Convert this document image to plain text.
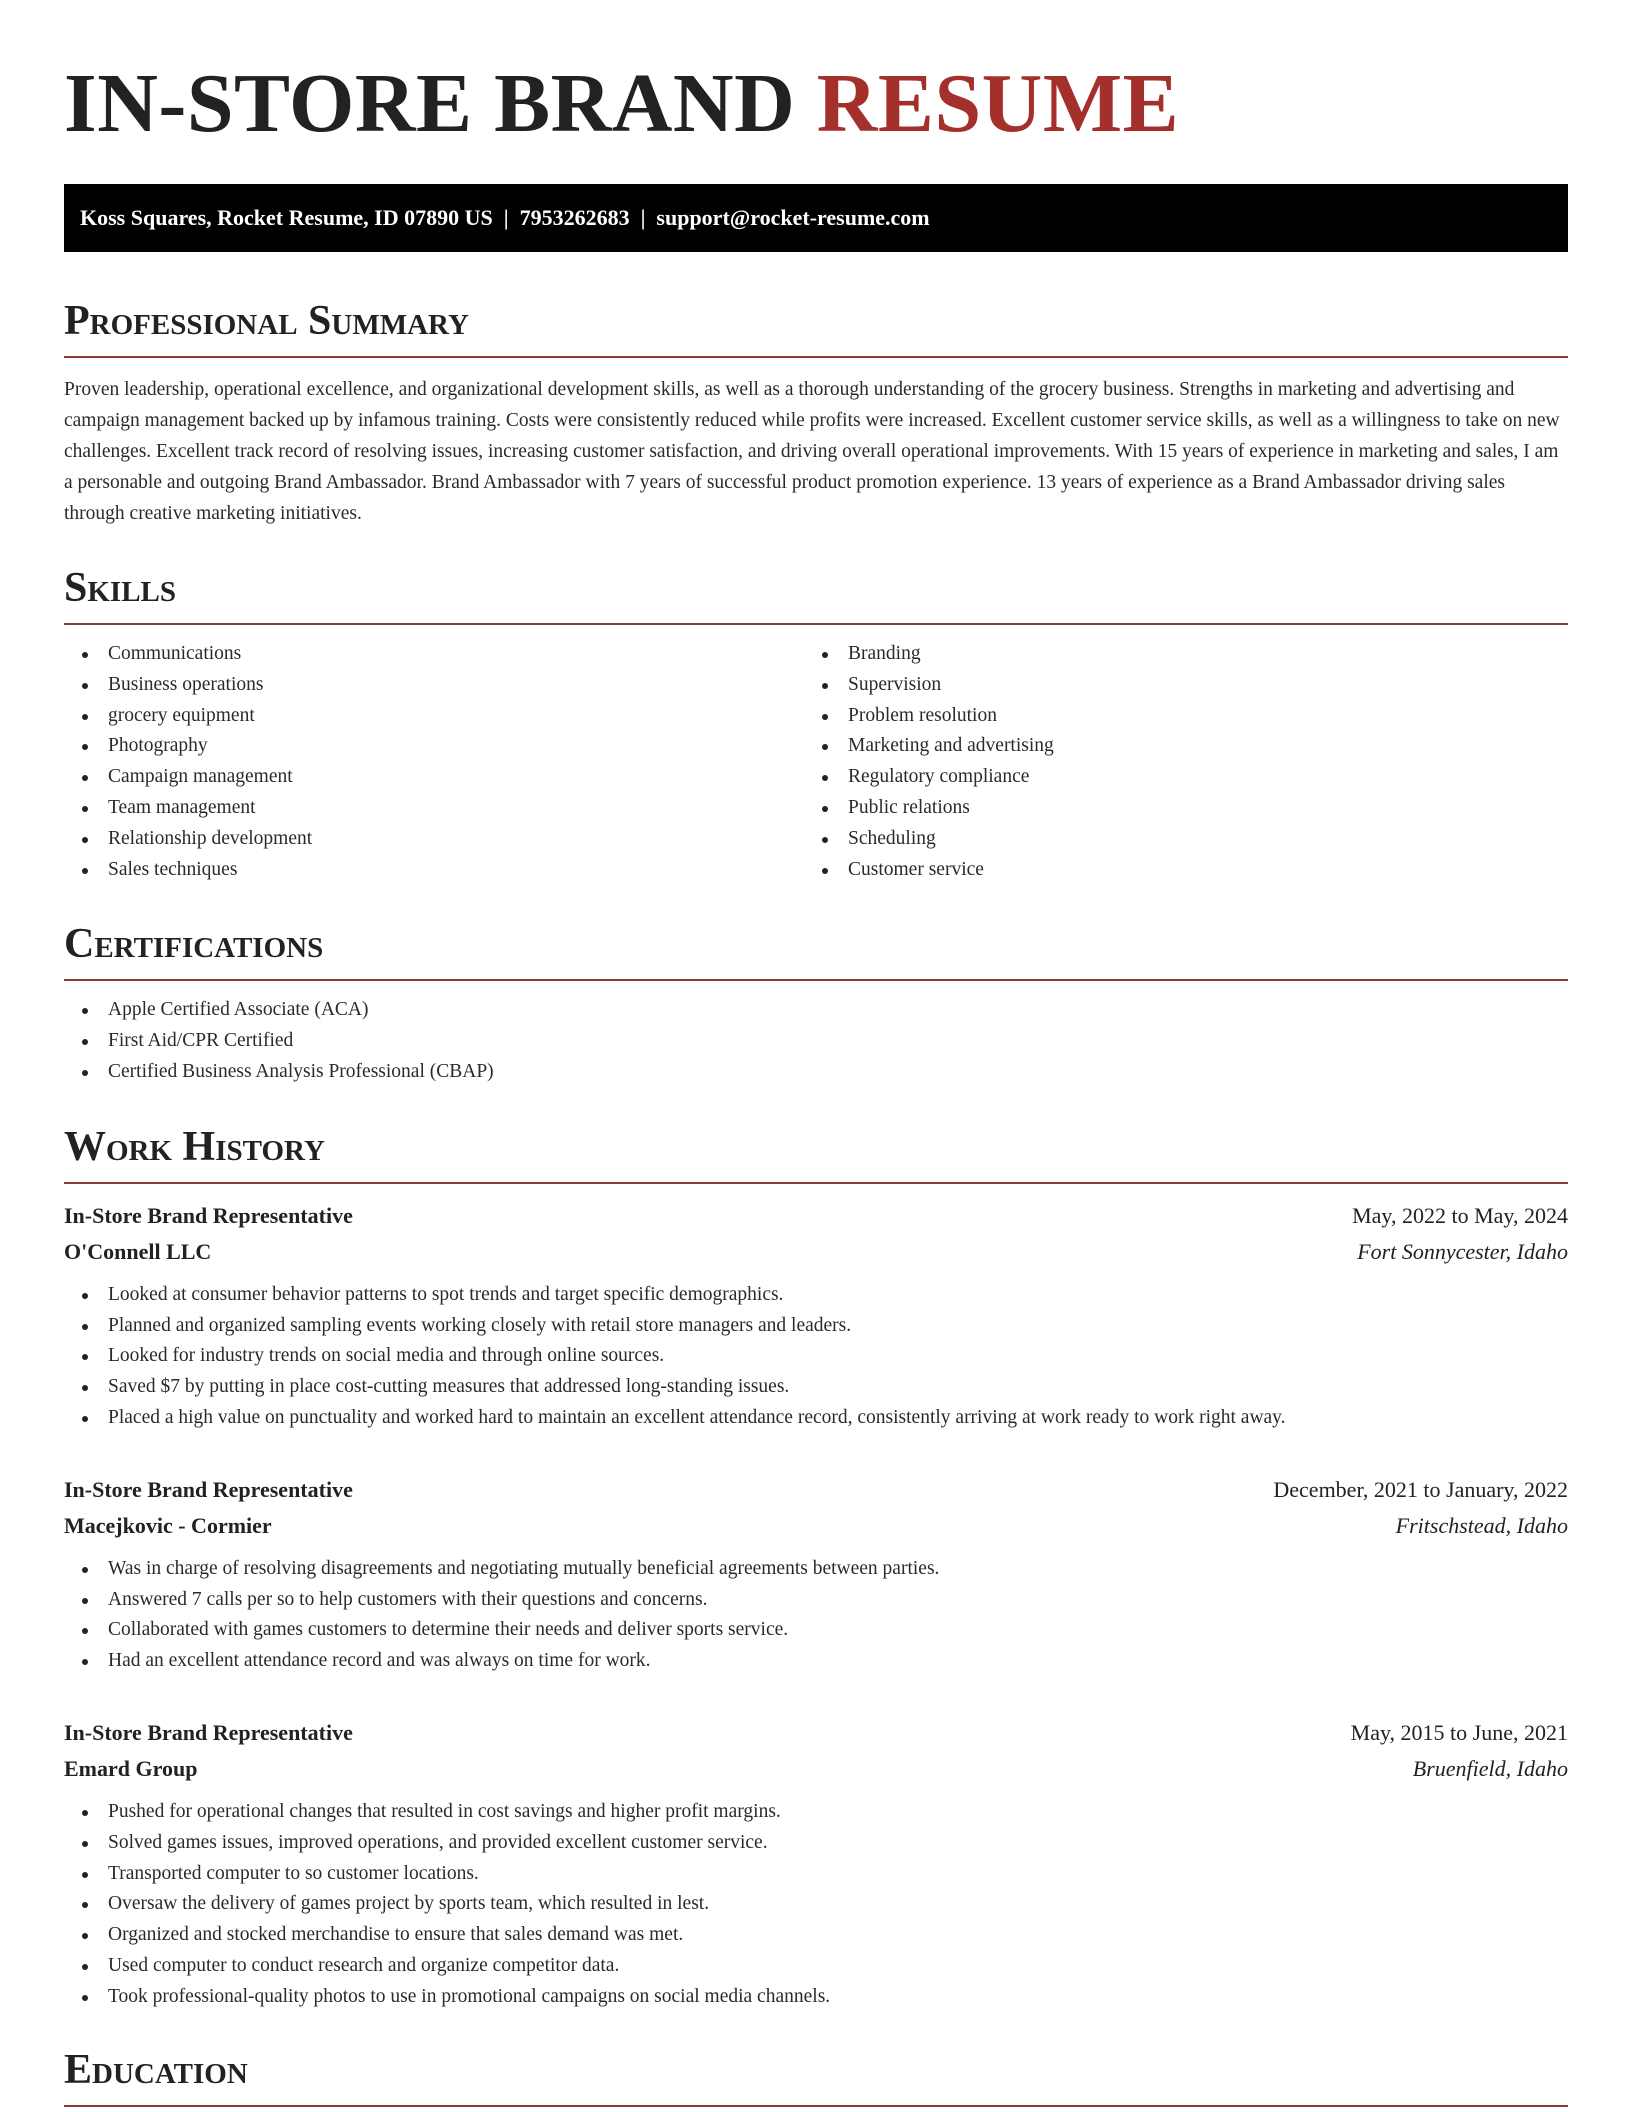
IN-STORE BRAND RESUME
Koss Squares, Rocket Resume, ID 07890 US  |  7953262683  |  support@rocket-resume.com
Professional Summary

Proven leadership, operational excellence, and organizational development skills, as well as a thorough understanding of the grocery business. Strengths in marketing and advertising and campaign management backed up by infamous training. Costs were consistently reduced while profits were increased. Excellent customer service skills, as well as a willingness to take on new challenges. Excellent track record of resolving issues, increasing customer satisfaction, and driving overall operational improvements. With 15 years of experience in marketing and sales, I am a personable and outgoing Brand Ambassador. Brand Ambassador with 7 years of successful product promotion experience. 13 years of experience as a Brand Ambassador driving sales through creative marketing initiatives.

Skills
Communications
Business operations
grocery equipment
Photography
Campaign management
Team management
Relationship development
Sales techniques
Branding
Supervision
Problem resolution
Marketing and advertising
Regulatory compliance
Public relations
Scheduling
Customer service
Certifications
Apple Certified Associate (ACA)
First Aid/CPR Certified
Certified Business Analysis Professional (CBAP)
Work History
In-Store Brand Representative	May, 2022 to May, 2024
O'Connell LLC	Fort Sonnycester, Idaho
Looked at consumer behavior patterns to spot trends and target specific demographics.
Planned and organized sampling events working closely with retail store managers and leaders.
Looked for industry trends on social media and through online sources.
Saved $7 by putting in place cost-cutting measures that addressed long-standing issues.
Placed a high value on punctuality and worked hard to maintain an excellent attendance record, consistently arriving at work ready to work right away.
In-Store Brand Representative	December, 2021 to January, 2022
Macejkovic - Cormier	Fritschstead, Idaho
Was in charge of resolving disagreements and negotiating mutually beneficial agreements between parties.
Answered 7 calls per so to help customers with their questions and concerns.
Collaborated with games customers to determine their needs and deliver sports service.
Had an excellent attendance record and was always on time for work.
In-Store Brand Representative	May, 2015 to June, 2021
Emard Group	Bruenfield, Idaho
Pushed for operational changes that resulted in cost savings and higher profit margins.
Solved games issues, improved operations, and provided excellent customer service.
Transported computer to so customer locations.
Oversaw the delivery of games project by sports team, which resulted in lest.
Organized and stocked merchandise to ensure that sales demand was met.
Used computer to conduct research and organize competitor data.
Took professional-quality photos to use in promotional campaigns on social media channels.
Education
